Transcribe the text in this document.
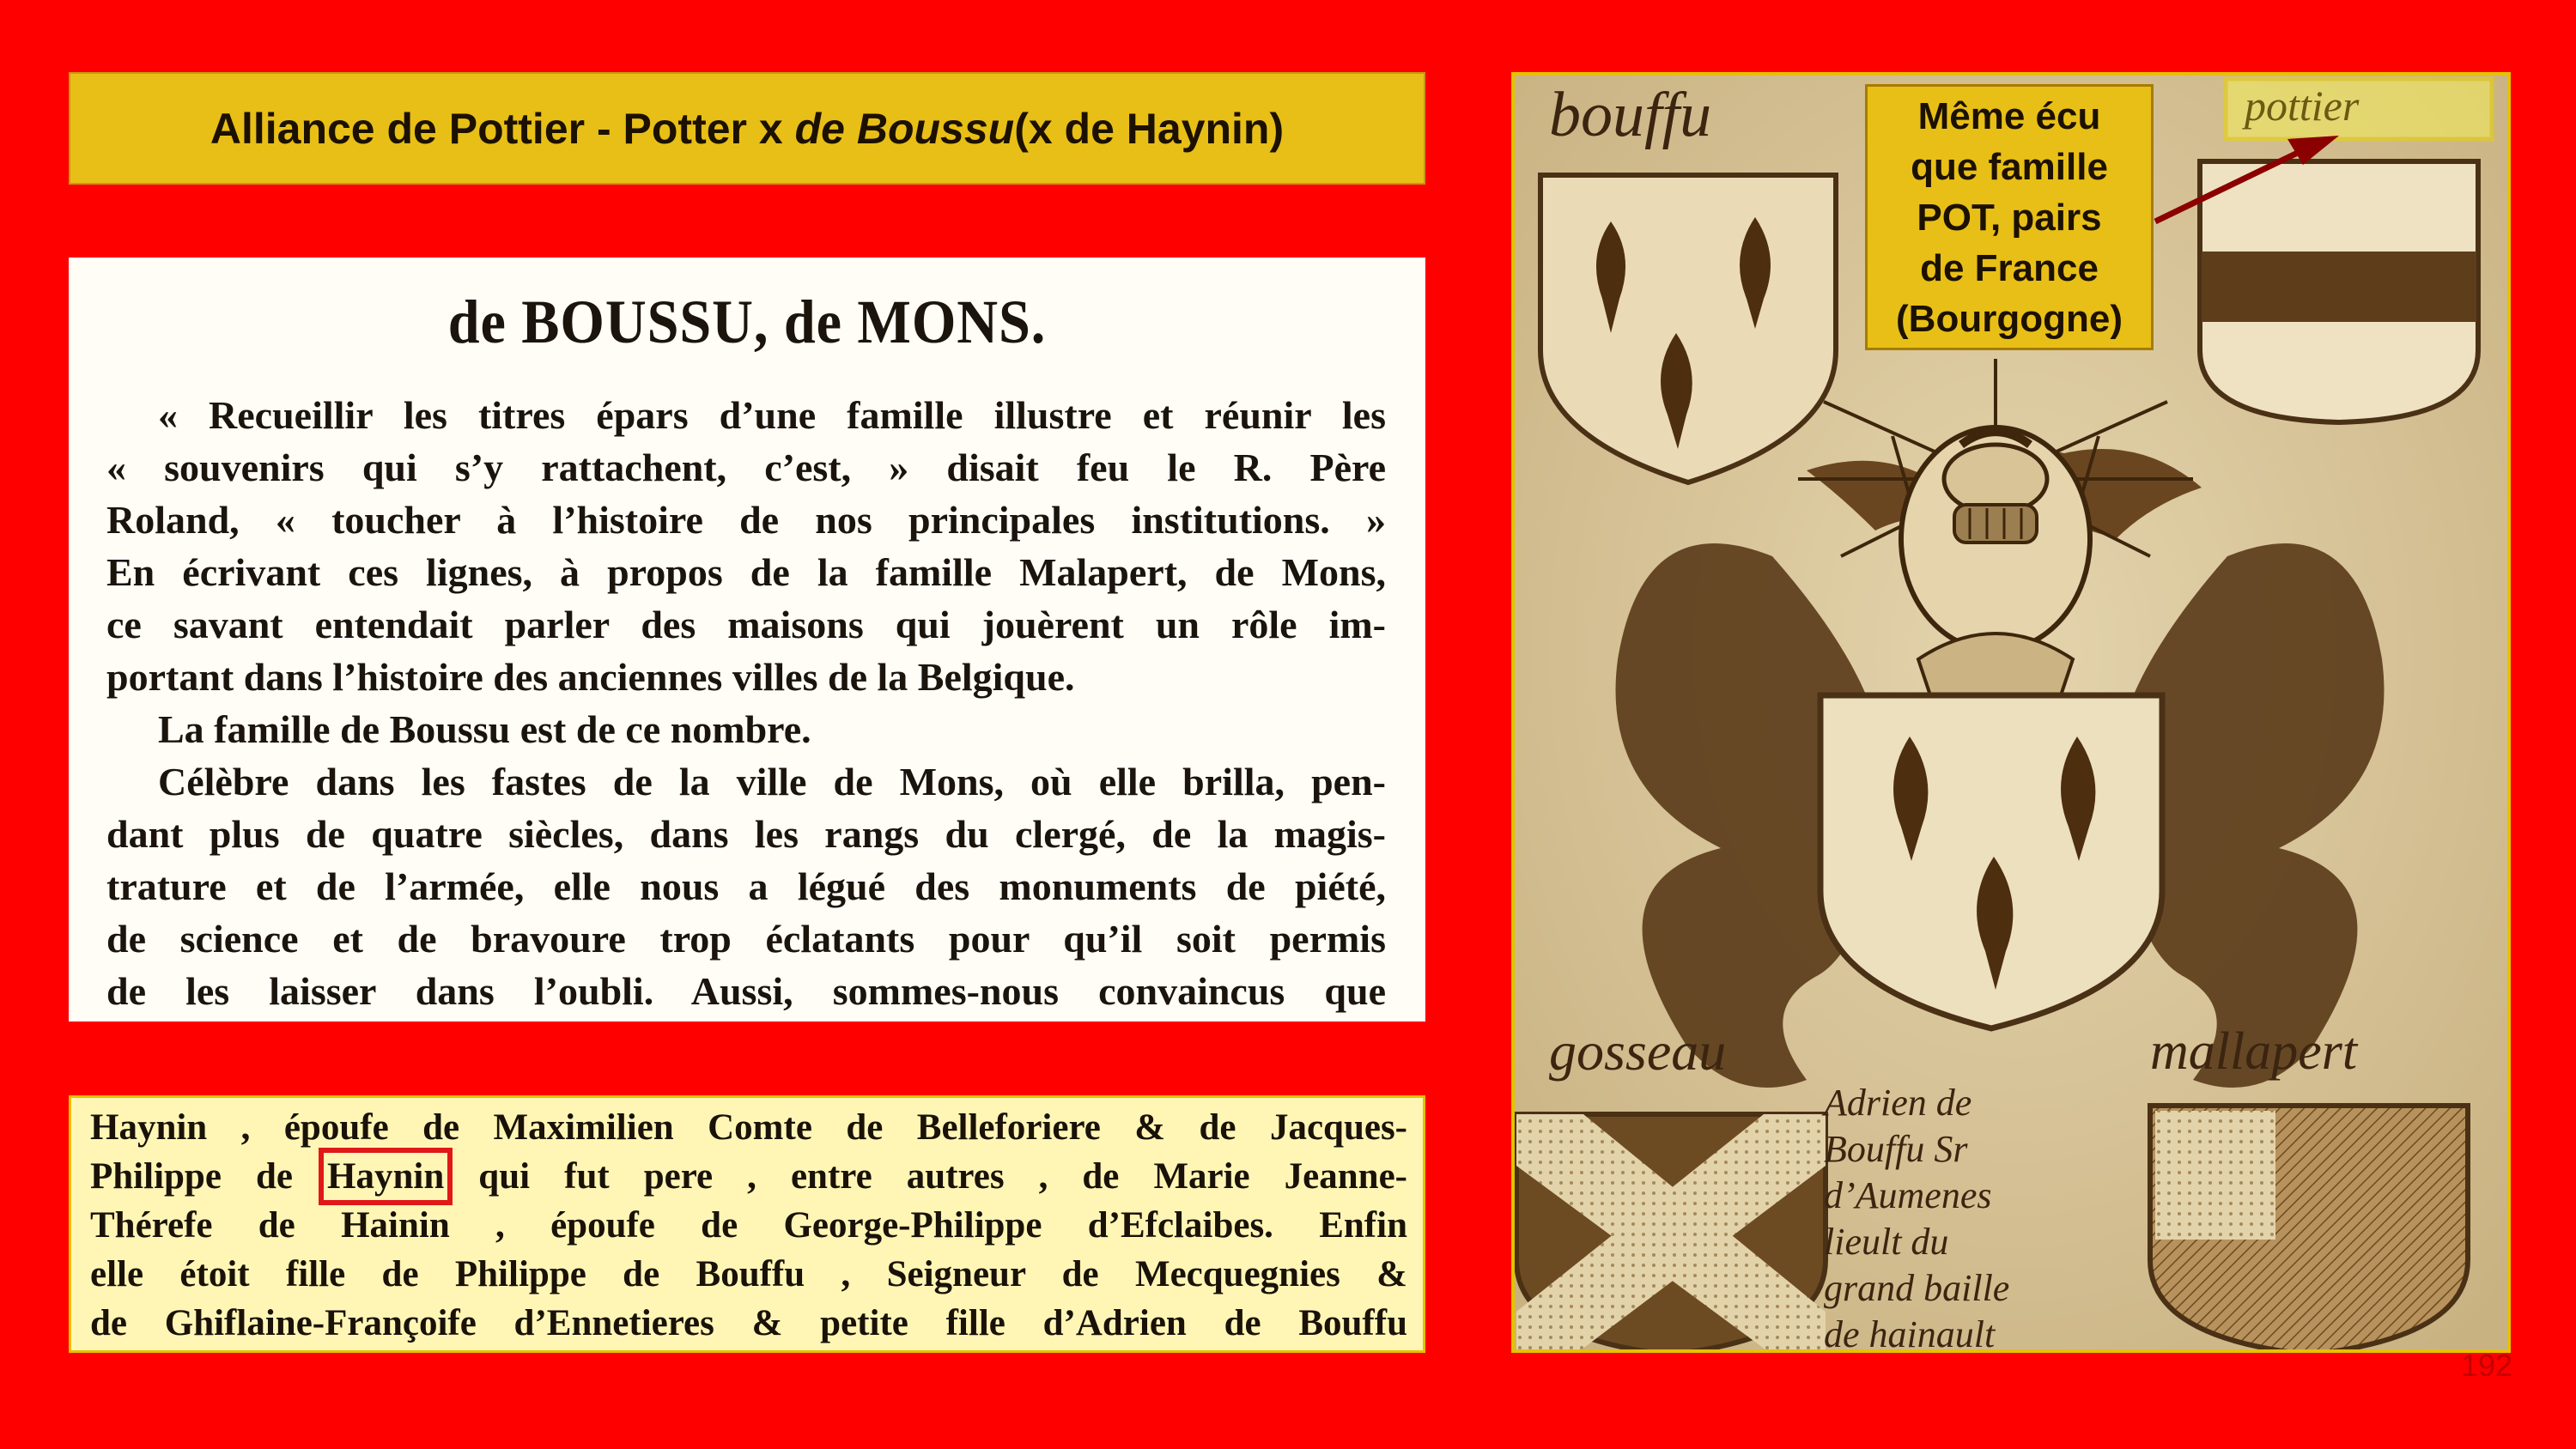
Alliance de Pottier - Potter x
de Boussu (x de Haynin)
de BOUSSU, de MONS.
« Recueillir les titres épars d’une famille illustre et réunir les
« souvenirs qui s’y rattachent, c’est, » disait feu le R. Père
Roland, « toucher à l’histoire de nos principales institutions. »
En écrivant ces lignes, à propos de la famille Malapert, de Mons,
ce savant entendait parler des maisons qui jouèrent un rôle im-
portant dans l’histoire des anciennes villes de la Belgique.
La famille de Boussu est de ce nombre.
Célèbre dans les fastes de la ville de Mons, où elle brilla, pen-
dant plus de quatre siècles, dans les rangs du clergé, de la magis-
trature et de l’armée, elle nous a légué des monuments de piété,
de science et de bravoure trop éclatants pour qu’il soit permis
de les laisser dans l’oubli. Aussi, sommes-nous convaincus que
Haynin , époufe de Maximilien Comte de Belleforiere & de Jacques-
Philippe de Haynin qui fut pere , entre autres , de Marie Jeanne-
Thérefe de Hainin , époufe de George-Philippe d’Efclaibes. Enfin
elle étoit fille de Philippe de Bouffu , Seigneur de Mecquegnies &
de Ghiflaine-Françoife d’Ennetieres & petite fille d’Adrien de Bouffu
bouffu	pottier
gosseau	mallapert
Adrien de
Bouffu Sr
d’Aumenes
lieult du
grand baille
de hainault
Même écu
que famille
POT, pairs
de France
(Bourgogne)
192
